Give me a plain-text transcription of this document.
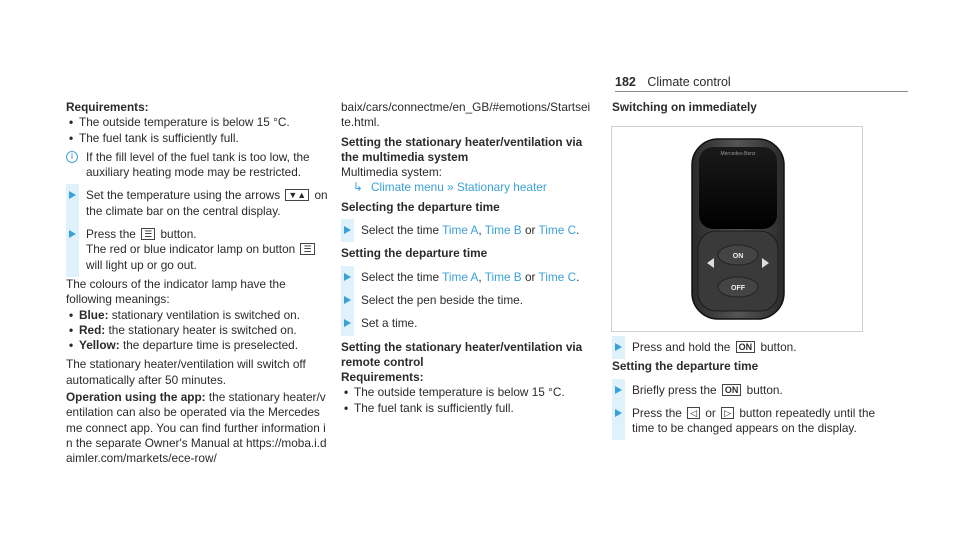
182 Climate control

Requirements:

• The outside temperature is below 15 °C.

• The fuel tank is sufficiently full.

i	If the fill level of the fuel tank is too low, the auxiliary heating mode may be restricted.
Set the temperature using the arrows ▼▲ on the climate bar on the central display.
Press the ☰ button.
The red or blue indicator lamp on button ☰ will light up or go out.

The colours of the indicator lamp have the following meanings:

• Blue: stationary ventilation is switched on.

• Red: the stationary heater is switched on.

• Yellow: the departure time is preselected.

The stationary heater/ventilation will switch off automatically after 50 minutes.

Operation using the app: the stationary heater/ventilation can also be operated via the Mercedes me connect app. You can find further information in the separate Owner's Manual at https://moba.i.daimler.com/markets/ece-row/

baix/cars/connectme/en_GB/#emotions/Startseite.html.

Setting the stationary heater/ventilation via the multimedia system

Multimedia system:

↳ Climate menu » Stationary heater

Selecting the departure time

Select the time Time A, Time B or Time C.

Setting the departure time

Select the time Time A, Time B or Time C.
Select the pen beside the time.
Set a time.

Setting the stationary heater/ventilation via remote control

Requirements:

• The outside temperature is below 15 °C.

• The fuel tank is sufficiently full.

Switching on immediately

Mercedes-Benz
ON
OFF
Press and hold the ON button.

Setting the departure time

Briefly press the ON button.
Press the ◁ or ▷ button repeatedly until the time to be changed appears on the display.
